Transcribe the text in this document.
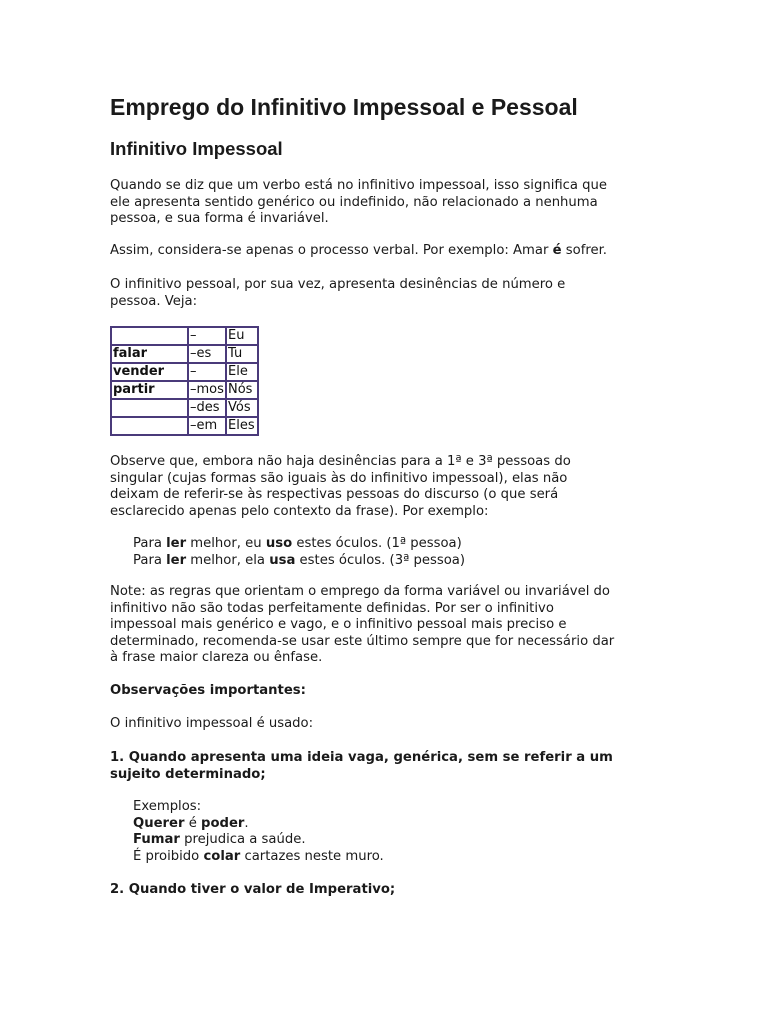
Emprego do Infinitivo Impessoal e Pessoal
Infinitivo Impessoal
Quando se diz que um verbo está no infinitivo impessoal, isso significa que
ele apresenta sentido genérico ou indefinido, não relacionado a nenhuma
pessoa, e sua forma é invariável.
Assim, considera-se apenas o processo verbal. Por exemplo: Amar é sofrer.
O infinitivo pessoal, por sua vez, apresenta desinências de número e
pessoa. Veja:
	–	Eu
falar	–es	Tu
vender	–	Ele
partir	–mos	Nós
	–des	Vós
	–em	Eles
Observe que, embora não haja desinências para a 1ª e 3ª pessoas do
singular (cujas formas são iguais às do infinitivo impessoal), elas não
deixam de referir-se às respectivas pessoas do discurso (o que será
esclarecido apenas pelo contexto da frase). Por exemplo:
Para ler melhor, eu uso estes óculos. (1ª pessoa)
Para ler melhor, ela usa estes óculos. (3ª pessoa)
Note: as regras que orientam o emprego da forma variável ou invariável do
infinitivo não são todas perfeitamente definidas. Por ser o infinitivo
impessoal mais genérico e vago, e o infinitivo pessoal mais preciso e
determinado, recomenda-se usar este último sempre que for necessário dar
à frase maior clareza ou ênfase.
Observações importantes:
O infinitivo impessoal é usado:
1. Quando apresenta uma ideia vaga, genérica, sem se referir a um
sujeito determinado;
Exemplos:
Querer é poder.
Fumar prejudica a saúde.
É proibido colar cartazes neste muro.
2. Quando tiver o valor de Imperativo;
